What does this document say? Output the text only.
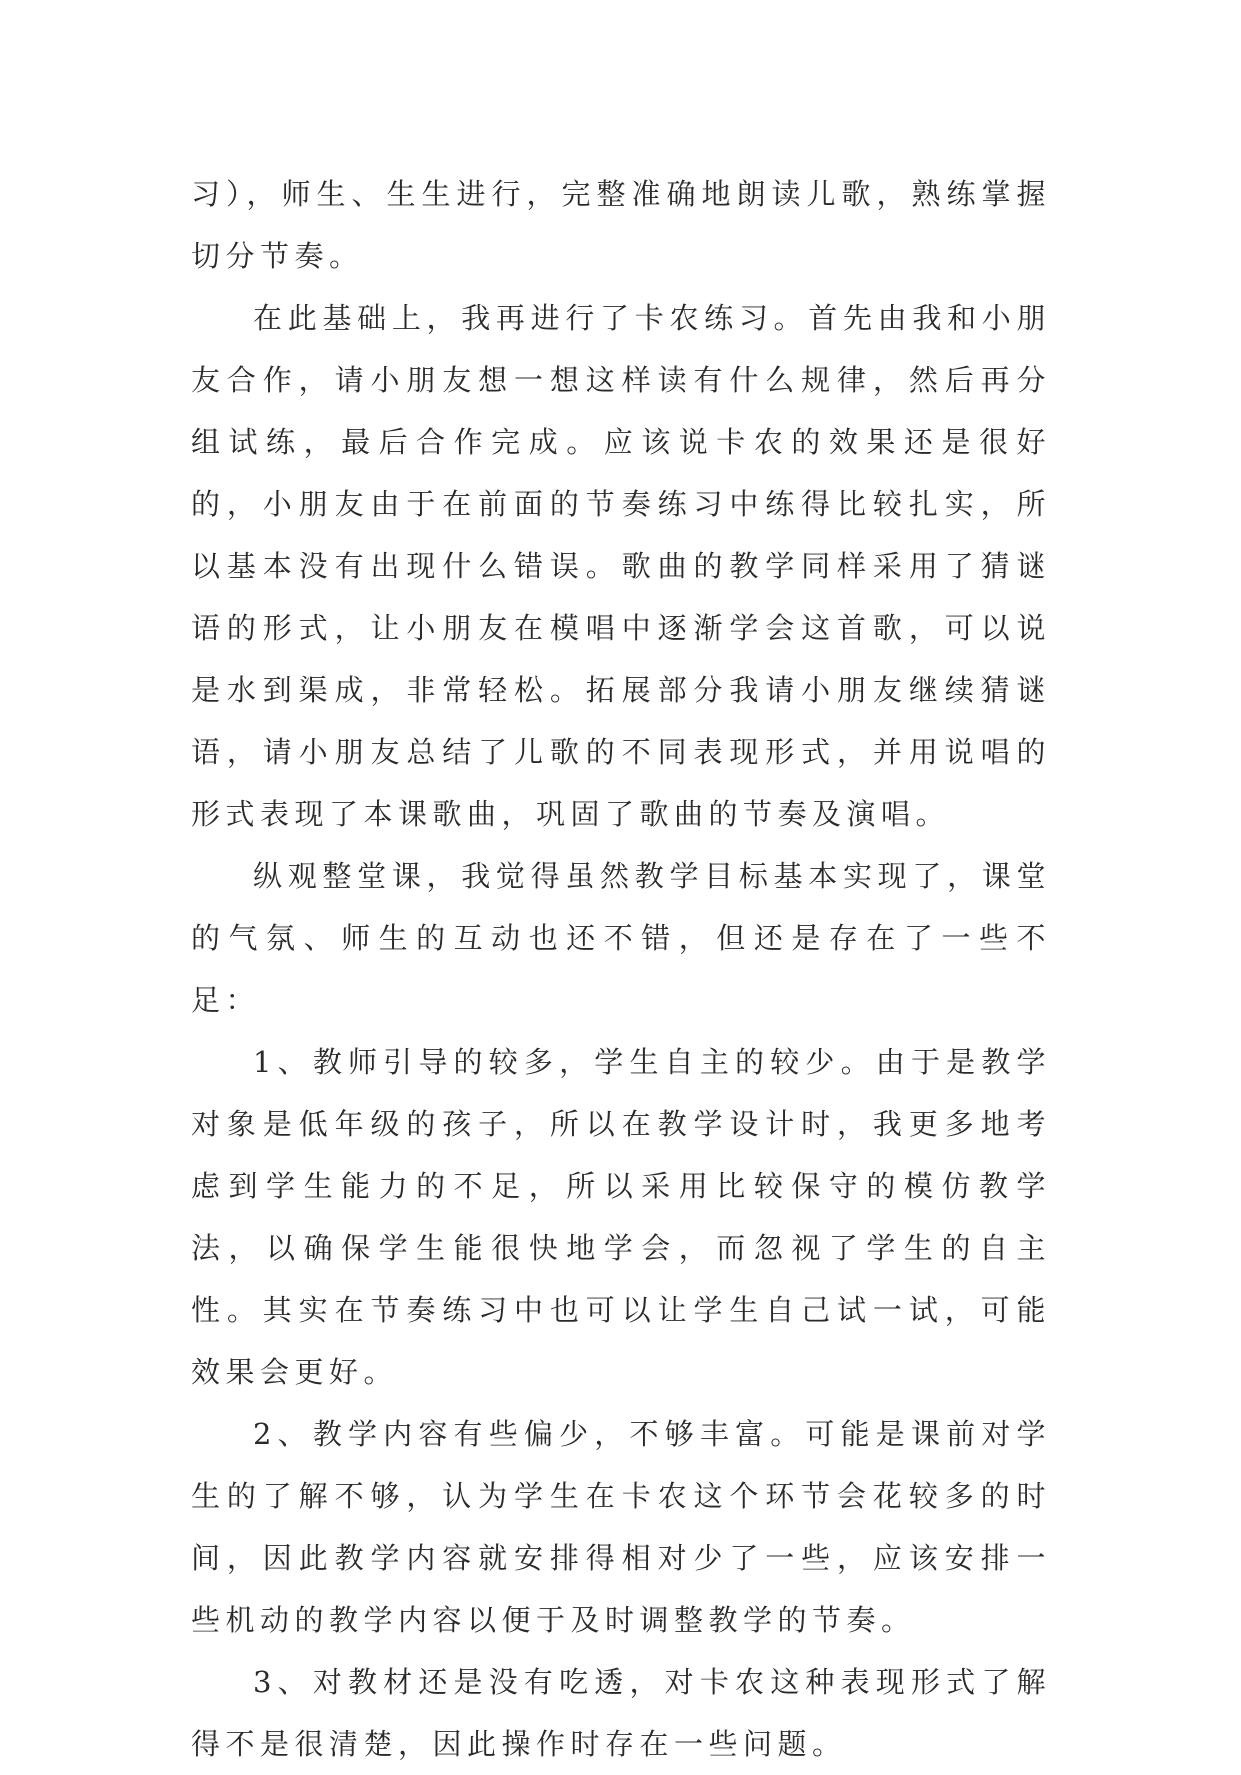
习），师生、生生进行，完整准确地朗读儿歌，熟练掌握切分节奏。

在此基础上，我再进行了卡农练习。首先由我和小朋友合作，请小朋友想一想这样读有什么规律，然后再分组试练，最后合作完成。应该说卡农的效果还是很好的，小朋友由于在前面的节奏练习中练得比较扎实，所以基本没有出现什么错误。歌曲的教学同样采用了猜谜语的形式，让小朋友在模唱中逐渐学会这首歌，可以说是水到渠成，非常轻松。拓展部分我请小朋友继续猜谜语，请小朋友总结了儿歌的不同表现形式，并用说唱的形式表现了本课歌曲，巩固了歌曲的节奏及演唱。

纵观整堂课，我觉得虽然教学目标基本实现了，课堂的气氛、师生的互动也还不错，但还是存在了一些不足：

1、教师引导的较多，学生自主的较少。由于是教学对象是低年级的孩子，所以在教学设计时，我更多地考虑到学生能力的不足，所以采用比较保守的模仿教学法，以确保学生能很快地学会，而忽视了学生的自主性。其实在节奏练习中也可以让学生自己试一试，可能效果会更好。

2、教学内容有些偏少，不够丰富。可能是课前对学生的了解不够，认为学生在卡农这个环节会花较多的时间，因此教学内容就安排得相对少了一些，应该安排一些机动的教学内容以便于及时调整教学的节奏。

3、对教材还是没有吃透，对卡农这种表现形式了解得不是很清楚，因此操作时存在一些问题。
